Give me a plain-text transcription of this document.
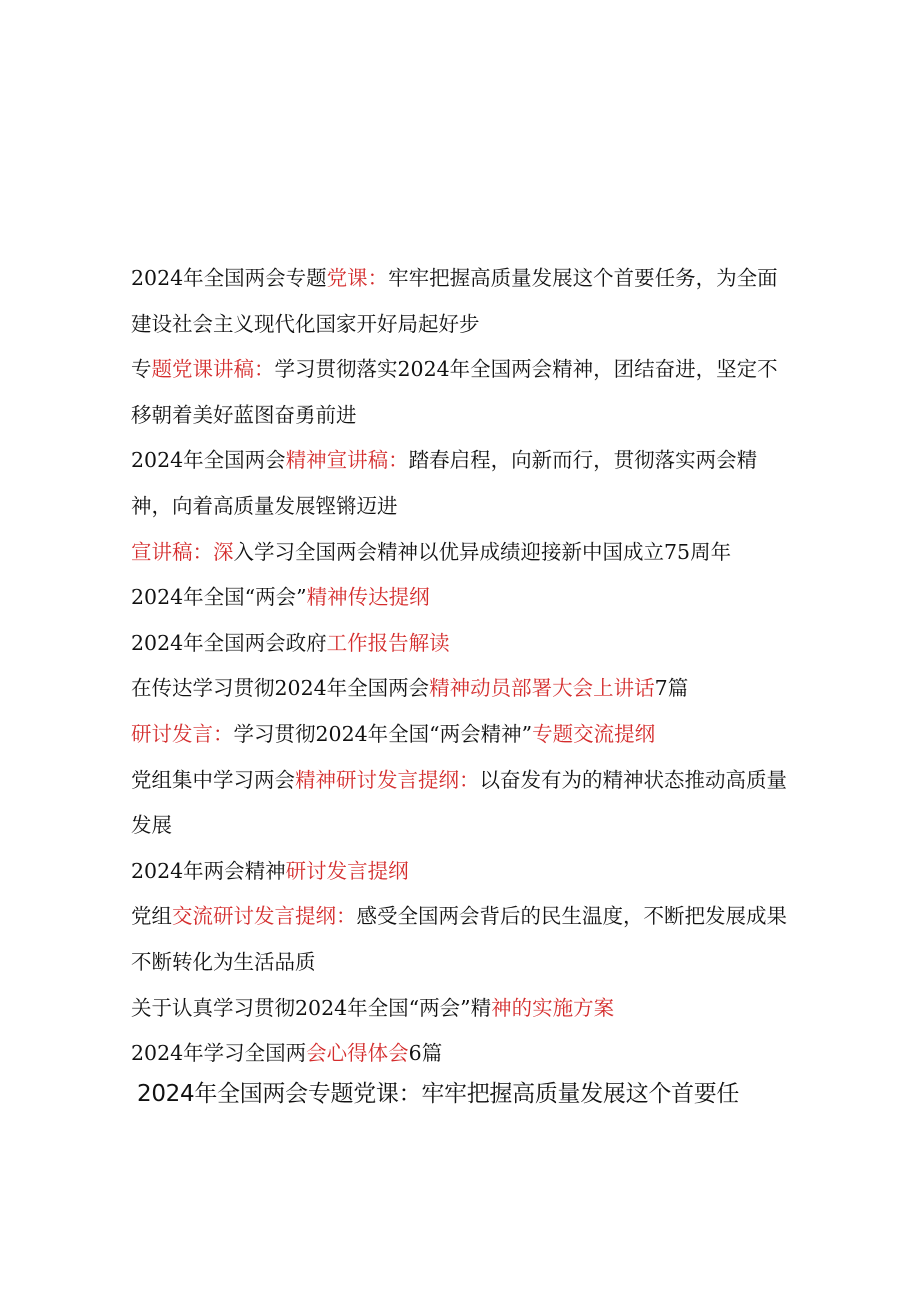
2024年全国两会专题党课：牢牢把握高质量发展这个首要任务，为全面建设社会主义现代化国家开好局起好步

专题党课讲稿：学习贯彻落实2024年全国两会精神，团结奋进，坚定不移朝着美好蓝图奋勇前进

2024年全国两会精神宣讲稿：踏春启程，向新而行，贯彻落实两会精神，向着高质量发展铿锵迈进

宣讲稿：深入学习全国两会精神以优异成绩迎接新中国成立75周年

2024年全国“两会”精神传达提纲

2024年全国两会政府工作报告解读

在传达学习贯彻2024年全国两会精神动员部署大会上讲话7篇

研讨发言：学习贯彻2024年全国“两会精神”专题交流提纲

党组集中学习两会精神研讨发言提纲：以奋发有为的精神状态推动高质量发展

2024年两会精神研讨发言提纲

党组交流研讨发言提纲：感受全国两会背后的民生温度，不断把发展成果不断转化为生活品质

关于认真学习贯彻2024年全国“两会”精神的实施方案

2024年学习全国两会心得体会6篇

2024年全国两会专题党课：牢牢把握高质量发展这个首要任
